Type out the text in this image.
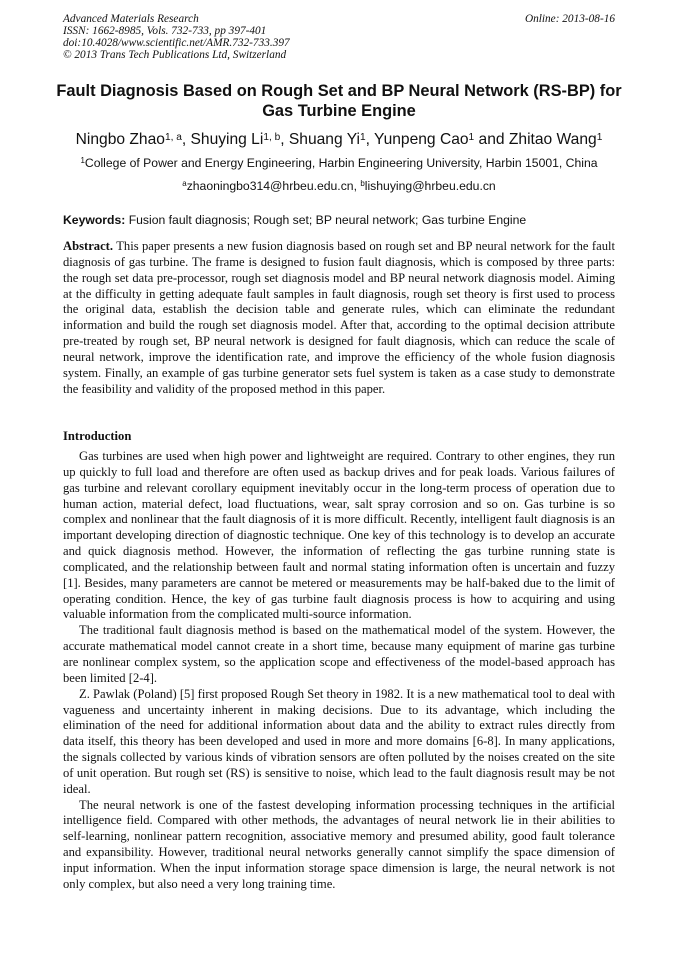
Advanced Materials Research
ISSN: 1662-8985, Vols. 732-733, pp 397-401
doi:10.4028/www.scientific.net/AMR.732-733.397
© 2013 Trans Tech Publications Ltd, Switzerland
Online: 2013-08-16
Fault Diagnosis Based on Rough Set and BP Neural Network (RS-BP) for
Gas Turbine Engine
Ningbo Zhao$^{1, a}$, Shuying Li$^{1, b}$, Shuang Yi$^1$, Yunpeng Cao$^1$ and Zhitao Wang$^1$
$^1$College of Power and Energy Engineering, Harbin Engineering University, Harbin 15001, China
$^a$zhaoningbo314@hrbeu.edu.cn, $^b$lishuying@hrbeu.edu.cn
Keywords: Fusion fault diagnosis; Rough set; BP neural network; Gas turbine Engine
Abstract. This paper presents a new fusion diagnosis based on rough set and BP neural network for the fault diagnosis of gas turbine. The frame is designed to fusion fault diagnosis, which is composed by three parts: the rough set data pre-processor, rough set diagnosis model and BP neural network diagnosis model. Aiming at the difficulty in getting adequate fault samples in fault diagnosis, rough set theory is first used to process the original data, establish the decision table and generate rules, which can eliminate the redundant information and build the rough set diagnosis model. After that, according to the optimal decision attribute pre-treated by rough set, BP neural network is designed for fault diagnosis, which can reduce the scale of neural network, improve the identification rate, and improve the efficiency of the whole fusion diagnosis system. Finally, an example of gas turbine generator sets fuel system is taken as a case study to demonstrate the feasibility and validity of the proposed method in this paper.
Introduction

Gas turbines are used when high power and lightweight are required. Contrary to other engines, they run up quickly to full load and therefore are often used as backup drives and for peak loads. Various failures of gas turbine and relevant corollary equipment inevitably occur in the long-term process of operation due to human action, material defect, load fluctuations, wear, salt spray corrosion and so on. Gas turbine is so complex and nonlinear that the fault diagnosis of it is more difficult. Recently, intelligent fault diagnosis is an important developing direction of diagnostic technique. One key of this technology is to develop an accurate and quick diagnosis method. However, the information of reflecting the gas turbine running state is complicated, and the relationship between fault and normal stating information often is uncertain and fuzzy [1]. Besides, many parameters are cannot be metered or measurements may be half-baked due to the limit of operating condition. Hence, the key of gas turbine fault diagnosis process is how to acquiring and using valuable information from the complicated multi-source information.

The traditional fault diagnosis method is based on the mathematical model of the system. However, the accurate mathematical model cannot create in a short time, because many equipment of marine gas turbine are nonlinear complex system, so the application scope and effectiveness of the model-based approach has been limited [2-4].

Z. Pawlak (Poland) [5] first proposed Rough Set theory in 1982. It is a new mathematical tool to deal with vagueness and uncertainty inherent in making decisions. Due to its advantage, which including the elimination of the need for additional information about data and the ability to extract rules directly from data itself, this theory has been developed and used in more and more domains [6-8]. In many applications, the signals collected by various kinds of vibration sensors are often polluted by the noises created on the site of unit operation. But rough set (RS) is sensitive to noise, which lead to the fault diagnosis result may be not ideal.

The neural network is one of the fastest developing information processing techniques in the artificial intelligence field. Compared with other methods, the advantages of neural network lie in their abilities to self-learning, nonlinear pattern recognition, associative memory and presumed ability, good fault tolerance and expansibility. However, traditional neural networks generally cannot simplify the space dimension of input information. When the input information storage space dimension is large, the neural network is not only complex, but also need a very long training time.
